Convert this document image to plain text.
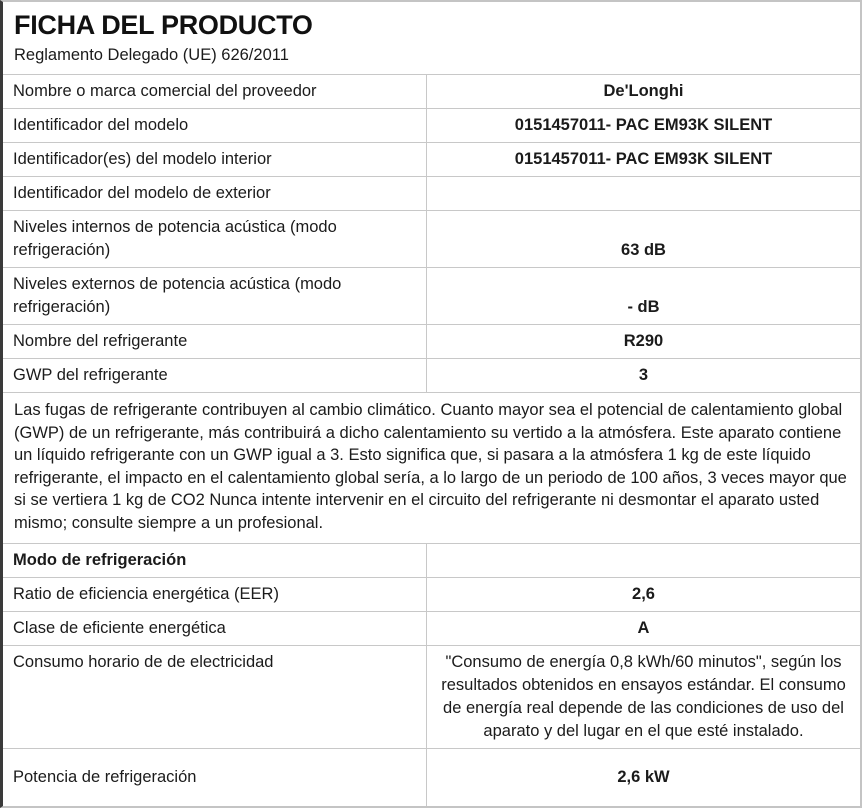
FICHA DEL PRODUCTO
Reglamento Delegado (UE) 626/2011
Nombre o marca comercial del proveedor	De'Longhi
Identificador del modelo	0151457011- PAC EM93K SILENT
Identificador(es) del modelo interior	0151457011- PAC EM93K SILENT
Identificador del modelo de exterior
Niveles internos de potencia acústica (modo refrigeración)	63 dB
Niveles externos de potencia acústica (modo refrigeración)	- dB
Nombre del refrigerante	R290
GWP del refrigerante	3
Las fugas de refrigerante contribuyen al cambio climático. Cuanto mayor sea el potencial de calentamiento global (GWP) de un refrigerante, más contribuirá a dicho calentamiento su vertido a la atmósfera. Este aparato contiene un líquido refrigerante con un GWP igual a 3. Esto significa que, si pasara a la atmósfera 1 kg de este líquido refrigerante, el impacto en el calentamiento global sería, a lo largo de un periodo de 100 años, 3 veces mayor que si se vertiera 1 kg de CO2 Nunca intente intervenir en el circuito del refrigerante ni desmontar el aparato usted mismo; consulte siempre a un profesional.
Modo de refrigeración
Ratio de eficiencia energética (EER)	2,6
Clase de eficiente energética	A
Consumo horario de de electricidad	"Consumo de energía 0,8 kWh/60 minutos", según los resultados obtenidos en ensayos estándar. El consumo de energía real depende de las condiciones de uso del aparato y del lugar en el que esté instalado.
Potencia de refrigeración	2,6 kW
